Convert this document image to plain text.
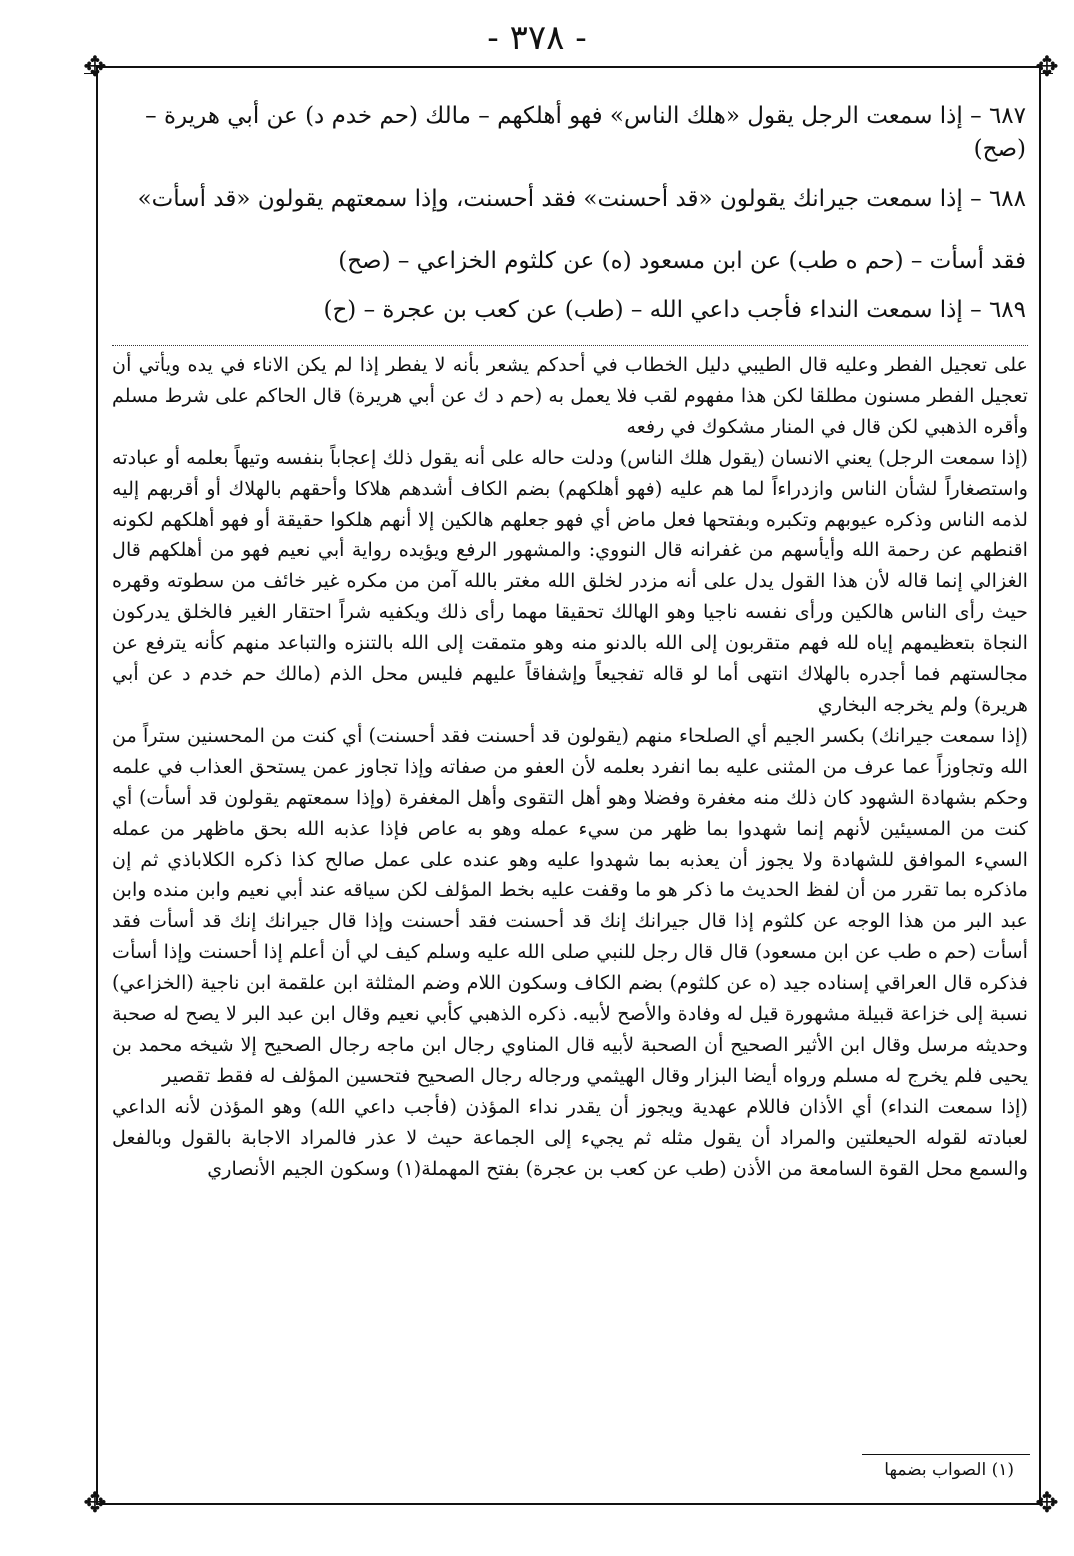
- ٣٧٨ -
✥	✥
✥	✥

٦٨٧ – إذا سمعت الرجل يقول «هلك الناس» فهو أهلكهم – مالك (حم خدم د) عن أبي هريرة – (صح)

٦٨٨ – إذا سمعت جيرانك يقولون «قد أحسنت» فقد أحسنت، وإذا سمعتهم يقولون «قد أسأت» فقد أسأت – (حم ه طب) عن ابن مسعود (ه) عن كلثوم الخزاعي – (صح)

٦٨٩ – إذا سمعت النداء فأجب داعي الله – (طب) عن كعب بن عجرة – (ح)

على تعجيل الفطر وعليه قال الطيبي دليل الخطاب في أحدكم يشعر بأنه لا يفطر إذا لم يكن الاناء في يده ويأتي أن تعجيل الفطر مسنون مطلقا لكن هذا مفهوم لقب فلا يعمل به (حم د ك عن أبي هريرة) قال الحاكم على شرط مسلم وأقره الذهبي لكن قال في المنار مشكوك في رفعه

(إذا سمعت الرجل) يعني الانسان (يقول هلك الناس) ودلت حاله على أنه يقول ذلك إعجاباً بنفسه وتيهاً بعلمه أو عبادته واستصغاراً لشأن الناس وازدراءاً لما هم عليه (فهو أهلكهم) بضم الكاف أشدهم هلاكا وأحقهم بالهلاك أو أقربهم إليه لذمه الناس وذكره عيوبهم وتكبره وبفتحها فعل ماض أي فهو جعلهم هالكين إلا أنهم هلكوا حقيقة أو فهو أهلكهم لكونه اقنطهم عن رحمة الله وأيأسهم من غفرانه قال النووي: والمشهور الرفع ويؤيده رواية أبي نعيم فهو من أهلكهم قال الغزالي إنما قاله لأن هذا القول يدل على أنه مزدر لخلق الله مغتر بالله آمن من مكره غير خائف من سطوته وقهره حيث رأى الناس هالكين ورأى نفسه ناجيا وهو الهالك تحقيقا مهما رأى ذلك ويكفيه شراً احتقار الغير فالخلق يدركون النجاة بتعظيمهم إياه لله فهم متقربون إلى الله بالدنو منه وهو متمقت إلى الله بالتنزه والتباعد منهم كأنه يترفع عن مجالستهم فما أجدره بالهلاك انتهى أما لو قاله تفجيعاً وإشفاقاً عليهم فليس محل الذم (مالك حم خدم د عن أبي هريرة) ولم يخرجه البخاري

(إذا سمعت جيرانك) بكسر الجيم أي الصلحاء منهم (يقولون قد أحسنت فقد أحسنت) أي كنت من المحسنين ستراً من الله وتجاوزاً عما عرف من المثنى عليه بما انفرد بعلمه لأن العفو من صفاته وإذا تجاوز عمن يستحق العذاب في علمه وحكم بشهادة الشهود كان ذلك منه مغفرة وفضلا وهو أهل التقوى وأهل المغفرة (وإذا سمعتهم يقولون قد أسأت) أي كنت من المسيئين لأنهم إنما شهدوا بما ظهر من سيء عمله وهو به عاص فإذا عذبه الله بحق ماظهر من عمله السيء الموافق للشهادة ولا يجوز أن يعذبه بما شهدوا عليه وهو عنده على عمل صالح كذا ذكره الكلاباذي ثم إن ماذكره بما تقرر من أن لفظ الحديث ما ذكر هو ما وقفت عليه بخط المؤلف لكن سياقه عند أبي نعيم وابن منده وابن عبد البر من هذا الوجه عن كلثوم إذا قال جيرانك إنك قد أحسنت فقد أحسنت وإذا قال جيرانك إنك قد أسأت فقد أسأت (حم ه طب عن ابن مسعود) قال قال رجل للنبي صلى الله عليه وسلم كيف لي أن أعلم إذا أحسنت وإذا أسأت فذكره قال العراقي إسناده جيد (ه عن كلثوم) بضم الكاف وسكون اللام وضم المثلثة ابن علقمة ابن ناجية (الخزاعي) نسبة إلى خزاعة قبيلة مشهورة قيل له وفادة والأصح لأبيه. ذكره الذهبي كأبي نعيم وقال ابن عبد البر لا يصح له صحبة وحديثه مرسل وقال ابن الأثير الصحيح أن الصحبة لأبيه قال المناوي رجال ابن ماجه رجال الصحيح إلا شيخه محمد بن يحيى فلم يخرج له مسلم ورواه أيضا البزار وقال الهيثمي ورجاله رجال الصحيح فتحسين المؤلف له فقط تقصير

(إذا سمعت النداء) أي الأذان فاللام عهدية ويجوز أن يقدر نداء المؤذن (فأجب داعي الله) وهو المؤذن لأنه الداعي لعبادته لقوله الحيعلتين والمراد أن يقول مثله ثم يجيء إلى الجماعة حيث لا عذر فالمراد الاجابة بالقول وبالفعل والسمع محل القوة السامعة من الأذن (طب عن كعب بن عجرة) بفتح المهملة(١) وسكون الجيم الأنصاري

(١) الصواب بضمها
